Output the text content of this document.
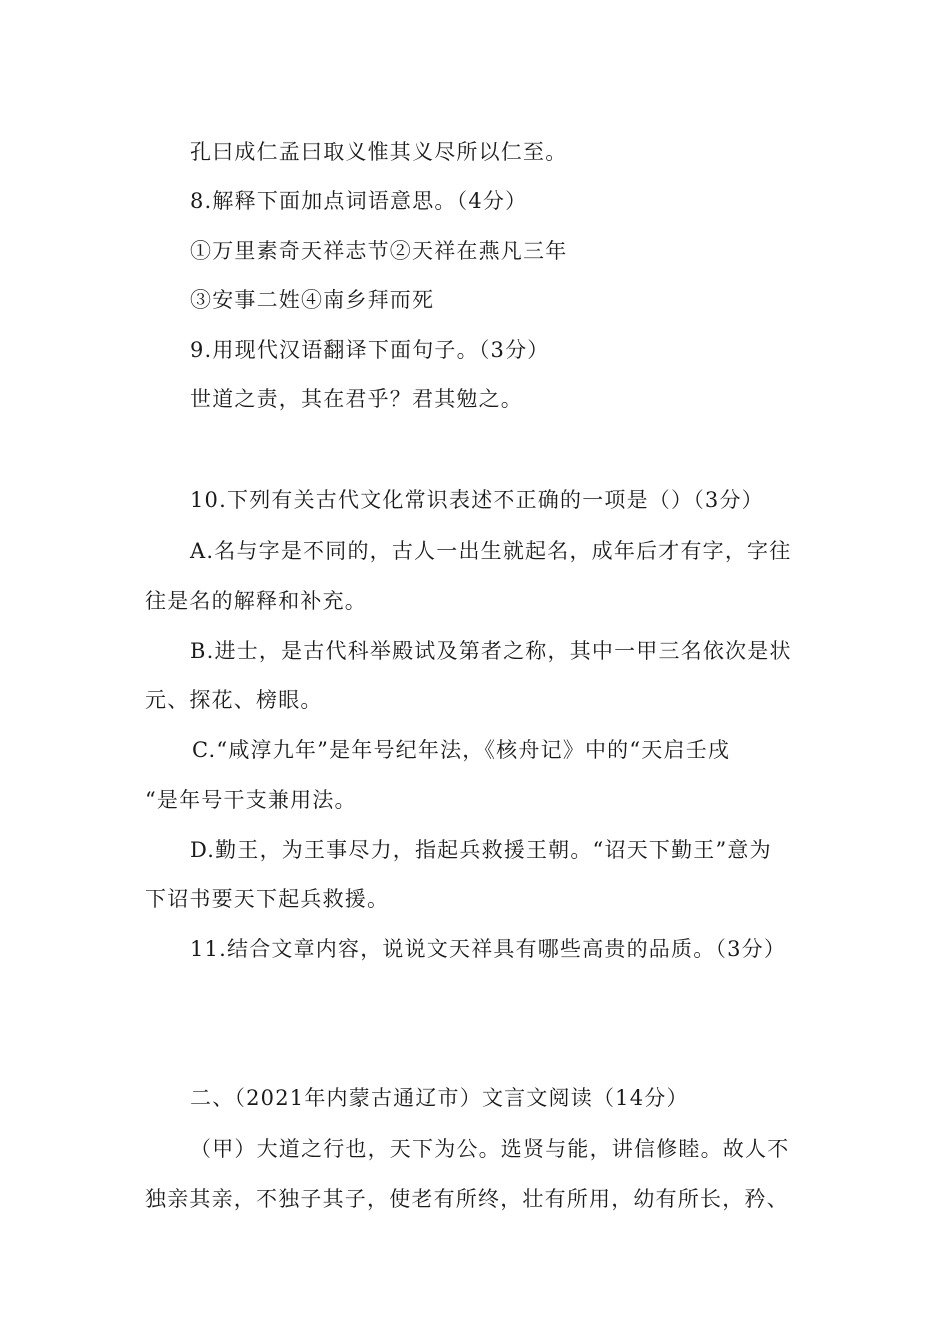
孔曰成仁孟曰取义惟其义尽所以仁至。
8.解释下面加点词语意思。（4分）
①万里素奇天祥志节②天祥在燕凡三年
③安事二姓④南乡拜而死
9.用现代汉语翻译下面句子。（3分）
世道之责，其在君乎？君其勉之。
10.下列有关古代文化常识表述不正确的一项是（）（3分）
A.名与字是不同的，古人一出生就起名，成年后才有字，字往
往是名的解释和补充。
B.进士，是古代科举殿试及第者之称，其中一甲三名依次是状
元、探花、榜眼。
C.“咸淳九年”是年号纪年法，《核舟记》中的“天启壬戌
“是年号干支兼用法。
D.勤王，为王事尽力，指起兵救援王朝。“诏天下勤王”意为
下诏书要天下起兵救援。
11.结合文章内容，说说文天祥具有哪些高贵的品质。（3分）
二、（2021年内蒙古通辽市）文言文阅读（14分）
（甲）大道之行也，天下为公。选贤与能，讲信修睦。故人不
独亲其亲，不独子其子，使老有所终，壮有所用，幼有所长，矜、
